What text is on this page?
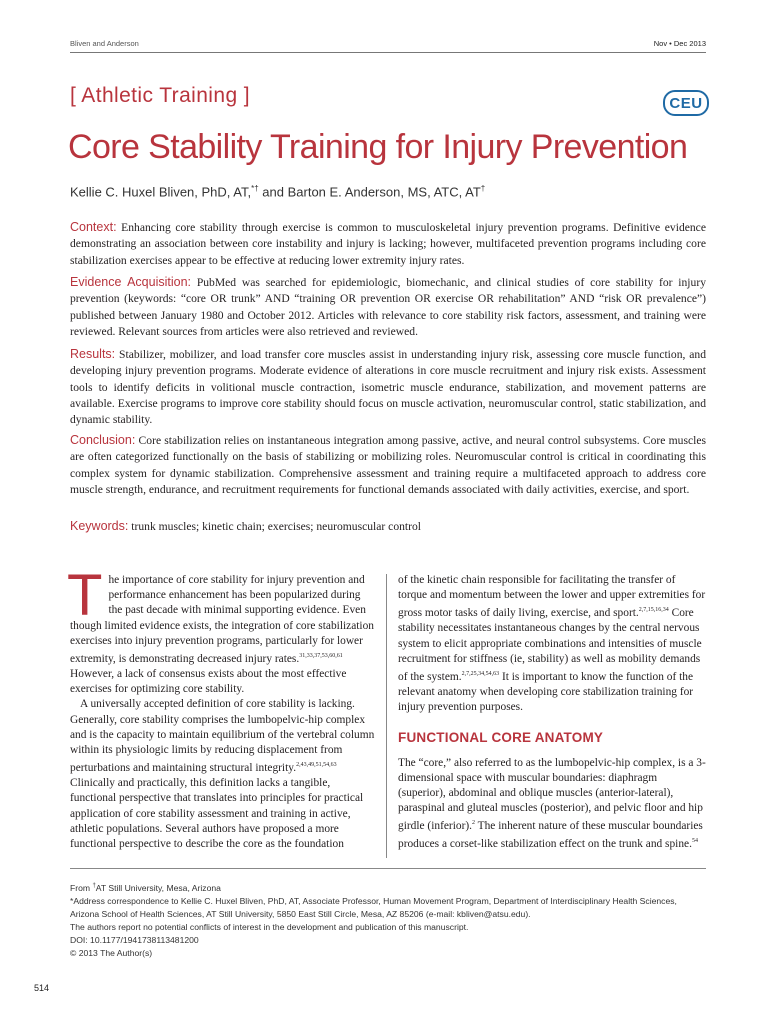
Bliven and Anderson	Nov • Dec 2013
[ Athletic Training ]	CEU
Core Stability Training for Injury Prevention
Kellie C. Huxel Bliven, PhD, AT,*† and Barton E. Anderson, MS, ATC, AT†
Context: Enhancing core stability through exercise is common to musculoskeletal injury prevention programs. Definitive evidence demonstrating an association between core instability and injury is lacking; however, multifaceted prevention programs including core stabilization exercises appear to be effective at reducing lower extremity injury rates.
Evidence Acquisition: PubMed was searched for epidemiologic, biomechanic, and clinical studies of core stability for injury prevention (keywords: “core OR trunk” AND “training OR prevention OR exercise OR rehabilitation” AND “risk OR prevalence”) published between January 1980 and October 2012. Articles with relevance to core stability risk factors, assessment, and training were reviewed. Relevant sources from articles were also retrieved and reviewed.
Results: Stabilizer, mobilizer, and load transfer core muscles assist in understanding injury risk, assessing core muscle function, and developing injury prevention programs. Moderate evidence of alterations in core muscle recruitment and injury risk exists. Assessment tools to identify deficits in volitional muscle contraction, isometric muscle endurance, stabilization, and movement patterns are available. Exercise programs to improve core stability should focus on muscle activation, neuromuscular control, static stabilization, and dynamic stability.
Conclusion: Core stabilization relies on instantaneous integration among passive, active, and neural control subsystems. Core muscles are often categorized functionally on the basis of stabilizing or mobilizing roles. Neuromuscular control is critical in coordinating this complex system for dynamic stabilization. Comprehensive assessment and training require a multifaceted approach to address core muscle strength, endurance, and recruitment requirements for functional demands associated with daily activities, exercise, and sport.
Keywords: trunk muscles; kinetic chain; exercises; neuromuscular control

The importance of core stability for injury prevention and performance enhancement has been popularized during the past decade with minimal supporting evidence. Even though limited evidence exists, the integration of core stabilization exercises into injury prevention programs, particularly for lower extremity, is demonstrating decreased injury rates.$^{31,33,37,53,60,61}$ However, a lack of consensus exists about the most effective exercises for optimizing core stability.

A universally accepted definition of core stability is lacking. Generally, core stability comprises the lumbopelvic-hip complex and is the capacity to maintain equilibrium of the vertebral column within its physiologic limits by reducing displacement from perturbations and maintaining structural integrity.$^{2,43,49,51,54,63}$ Clinically and practically, this definition lacks a tangible, functional perspective that translates into principles for practical application of core stability assessment and training in active, athletic populations. Several authors have proposed a more functional perspective to describe the core as the foundation

of the kinetic chain responsible for facilitating the transfer of torque and momentum between the lower and upper extremities for gross motor tasks of daily living, exercise, and sport.$^{2,7,15,16,34}$ Core stability necessitates instantaneous changes by the central nervous system to elicit appropriate combinations and intensities of muscle recruitment for stiffness (ie, stability) as well as mobility demands of the system.$^{2,7,25,34,54,63}$ It is important to know the function of the relevant anatomy when developing core stabilization training for injury prevention purposes.

FUNCTIONAL CORE ANATOMY

The “core,” also referred to as the lumbopelvic-hip complex, is a 3-dimensional space with muscular boundaries: diaphragm (superior), abdominal and oblique muscles (anterior-lateral), paraspinal and gluteal muscles (posterior), and pelvic floor and hip girdle (inferior).$^2$ The inherent nature of these muscular boundaries produces a corset-like stabilization effect on the trunk and spine.$^{54}$

From †AT Still University, Mesa, Arizona
*Address correspondence to Kellie C. Huxel Bliven, PhD, AT, Associate Professor, Human Movement Program, Department of Interdisciplinary Health Sciences, Arizona School of Health Sciences, AT Still University, 5850 East Still Circle, Mesa, AZ 85206 (e-mail: kbliven@atsu.edu).
The authors report no potential conflicts of interest in the development and publication of this manuscript.
DOI: 10.1177/1941738113481200
© 2013 The Author(s)
514
